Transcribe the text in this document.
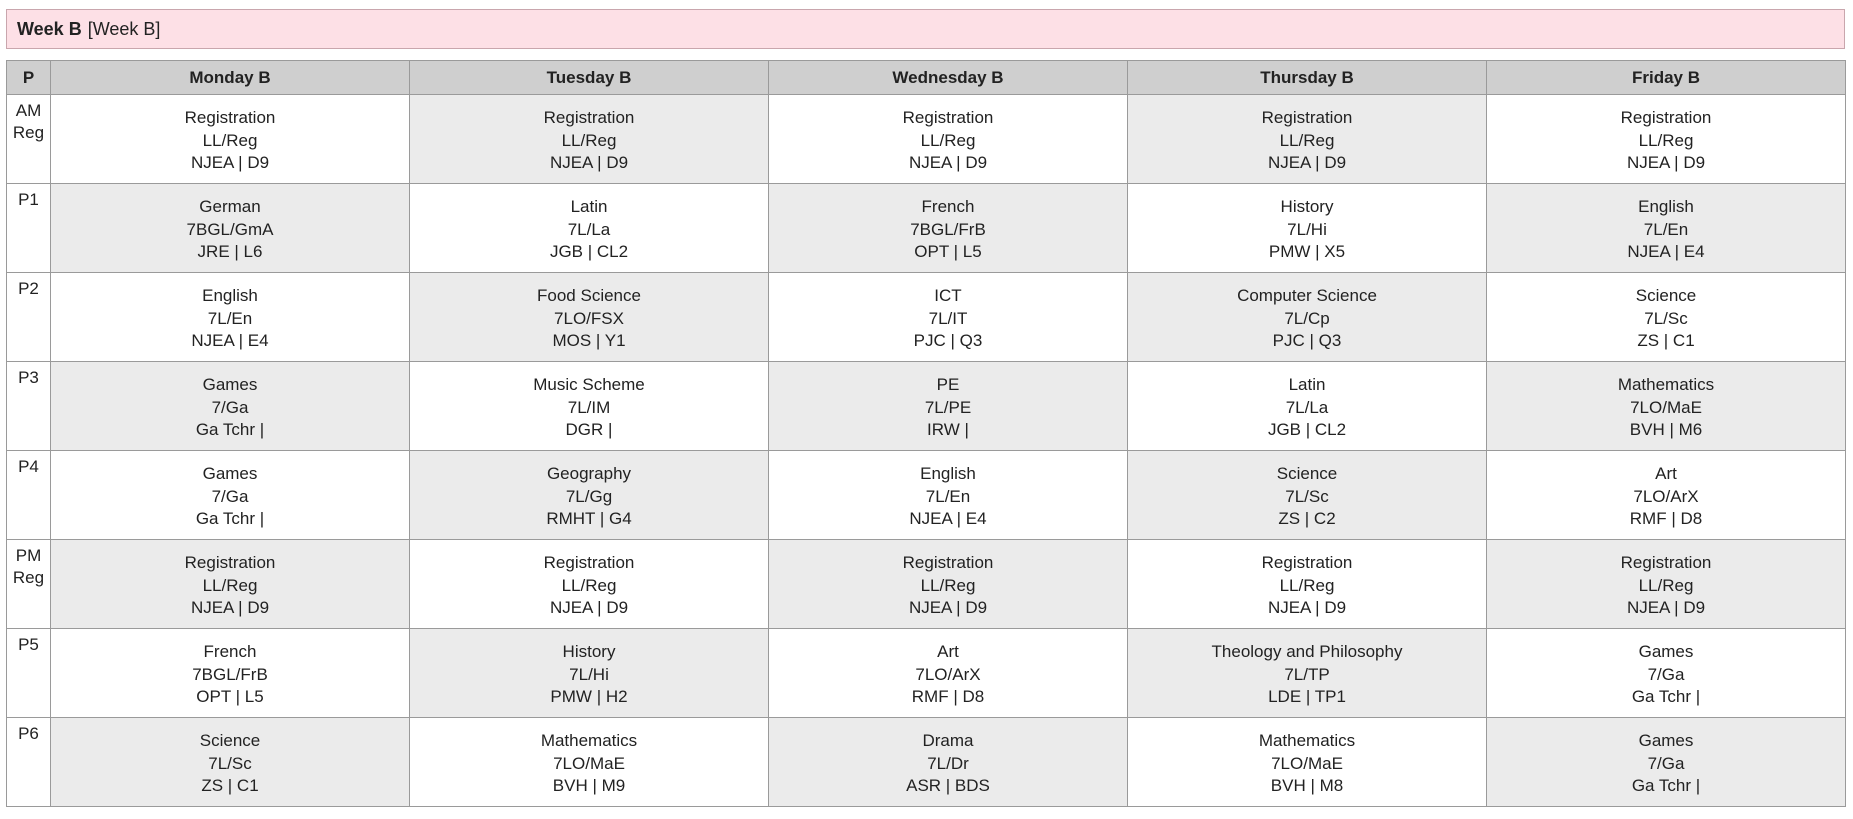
Week B [Week B]
P	Monday B	Tuesday B	Wednesday B	Thursday B	Friday B
AM
Reg	Registration
LL/Reg
NJEA | D9	Registration
LL/Reg
NJEA | D9	Registration
LL/Reg
NJEA | D9	Registration
LL/Reg
NJEA | D9	Registration
LL/Reg
NJEA | D9

P1	German
7BGL/GmA
JRE | L6	Latin
7L/La
JGB | CL2	French
7BGL/FrB
OPT | L5	History
7L/Hi
PMW | X5	English
7L/En
NJEA | E4

P2	English
7L/En
NJEA | E4	Food Science
7LO/FSX
MOS | Y1	ICT
7L/IT
PJC | Q3	Computer Science
7L/Cp
PJC | Q3	Science
7L/Sc
ZS | C1

P3	Games
7/Ga
Ga Tchr |	Music Scheme
7L/IM
DGR |	PE
7L/PE
IRW |	Latin
7L/La
JGB | CL2	Mathematics
7LO/MaE
BVH | M6

P4	Games
7/Ga
Ga Tchr |	Geography
7L/Gg
RMHT | G4	English
7L/En
NJEA | E4	Science
7L/Sc
ZS | C2	Art
7LO/ArX
RMF | D8

PM
Reg	Registration
LL/Reg
NJEA | D9	Registration
LL/Reg
NJEA | D9	Registration
LL/Reg
NJEA | D9	Registration
LL/Reg
NJEA | D9	Registration
LL/Reg
NJEA | D9

P5	French
7BGL/FrB
OPT | L5	History
7L/Hi
PMW | H2	Art
7LO/ArX
RMF | D8	Theology and Philosophy
7L/TP
LDE | TP1	Games
7/Ga
Ga Tchr |

P6	Science
7L/Sc
ZS | C1	Mathematics
7LO/MaE
BVH | M9	Drama
7L/Dr
ASR | BDS	Mathematics
7LO/MaE
BVH | M8	Games
7/Ga
Ga Tchr |
